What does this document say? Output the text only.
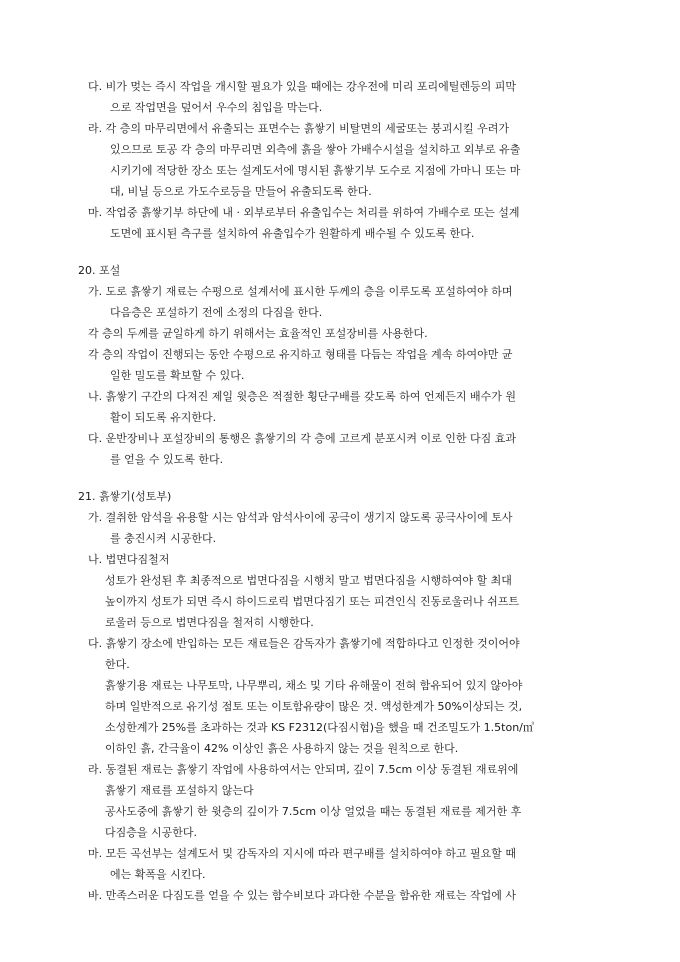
다. 비가 멎는 즉시 작업을 개시할 필요가 있을 때에는 강우전에 미리 포리에틸렌등의 피막
으로 작업면을 덮어서 우수의 침입을 막는다.
라. 각 층의 마무리면에서 유출되는 표면수는 흙쌓기 비탈면의 세굴또는 붕괴시킬 우려가
있으므로 토공 각 층의 마무리면 외측에 흙을 쌓아 가배수시설을 설치하고 외부로 유출
시키기에 적당한 장소 또는 설계도서에 명시된 흙쌓기부 도수로 지점에 가마니 또는 마
대, 비닐 등으로 가도수로등을 만들어 유출되도록 한다.
마. 작업중 흙쌓기부 하단에 내 · 외부로부터 유출입수는 처리를 위하여 가배수로 또는 설계
도면에 표시된 측구를 설치하여 유출입수가 원활하게 배수될 수 있도록 한다.
20. 포설
가. 도로 흙쌓기 재료는 수평으로 설계서에 표시한 두께의 층을 이루도록 포설하여야 하며
다음층은 포설하기 전에 소정의 다짐을 한다.
각 층의 두께를 균일하게 하기 위해서는 효율적인 포설장비를 사용한다.
각 층의 작업이 진행되는 동안 수평으로 유지하고 형태를 다듬는 작업을 계속 하여야만 균
일한 밀도를 확보할 수 있다.
나. 흙쌓기 구간의 다져진 제일 윗층은 적절한 횡단구배를 갖도록 하여 언제든지 배수가 원
활이 되도록 유지한다.
다. 운반장비나 포설장비의 통행은 흙쌓기의 각 층에 고르게 분포시켜 이로 인한 다짐 효과
를 얻을 수 있도록 한다.
21. 흙쌓기(성토부)
가. 결취한 암석을 유용할 시는 암석과 암석사이에 공극이 생기지 않도록 공극사이에 토사
를 충진시켜 시공한다.
나. 법면다짐철저
성토가 완성된 후 최종적으로 법면다짐을 시행치 말고 법면다짐을 시행하여야 할 최대
높이까지 성토가 되면 즉시 하이드로릭 법면다짐기 또는 피견인식 진동로울러나 쉬프트
로울러 등으로 법면다짐을 철저히 시행한다.
다. 흙쌓기 장소에 반입하는 모든 재료들은 감독자가 흙쌓기에 적합하다고 인정한 것이어야
한다.
흙쌓기용 재료는 나무토막, 나무뿌리, 채소 및 기타 유해물이 전혀 함유되어 있지 않아야
하며 일반적으로 유기성 점토 또는 이토함유량이 많은 것. 액성한계가 50%이상되는 것,
소성한계가 25%를 초과하는 것과 KS F2312(다짐시험)을 했을 때 건조밀도가 1.5ton/㎥
이하인 흙, 간극율이 42% 이상인 흙은 사용하지 않는 것을 원칙으로 한다.
라. 동결된 재료는 흙쌓기 작업에 사용하여서는 안되며, 깊이 7.5cm 이상 동결된 재료위에
흙쌓기 재료를 포설하지 않는다
공사도중에 흙쌓기 한 윗층의 깊이가 7.5cm 이상 얼었을 때는 동결된 재료를 제거한 후
다짐층을 시공한다.
마. 모든 곡선부는 설계도서 및 감독자의 지시에 따라 편구배를 설치하여야 하고 필요할 때
에는 확폭을 시킨다.
바. 만족스러운 다짐도를 얻을 수 있는 함수비보다 과다한 수분을 함유한 재료는 작업에 사
